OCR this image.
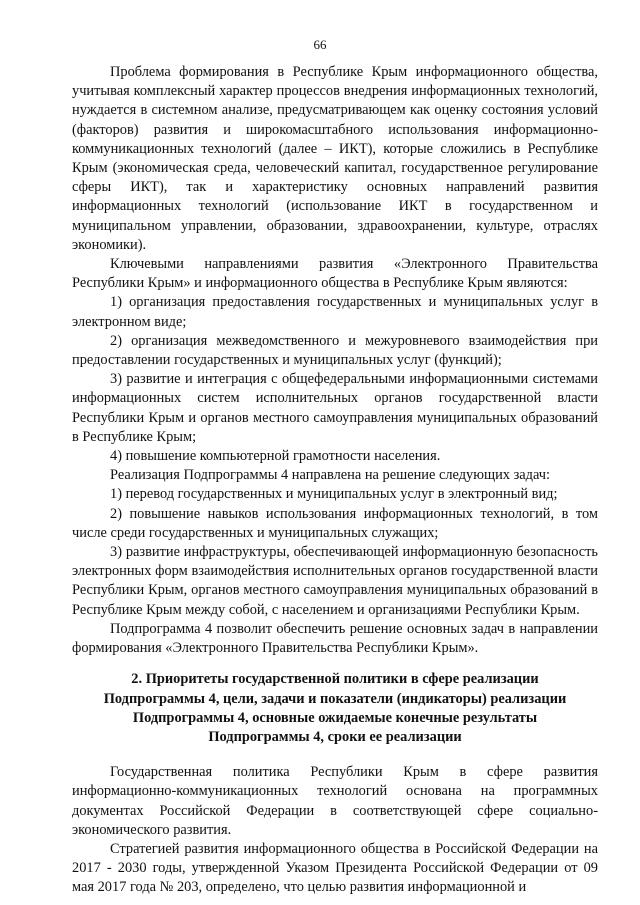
66

Проблема формирования в Республике Крым информационного общества, учитывая комплексный характер процессов внедрения информационных технологий, нуждается в системном анализе, предусматривающем как оценку состояния условий (факторов) развития и широкомасштабного использования информационно-коммуникационных технологий (далее – ИКТ), которые сложились в Республике Крым (экономическая среда, человеческий капитал, государственное регулирование сферы ИКТ), так и характеристику основных направлений развития информационных технологий (использование ИКТ в государственном и муниципальном управлении, образовании, здравоохранении, культуре, отраслях экономики).

Ключевыми направлениями развития «Электронного Правительства Республики Крым» и информационного общества в Республике Крым являются:

1) организация предоставления государственных и муниципальных услуг в электронном виде;

2) организация межведомственного и межуровневого взаимодействия при предоставлении государственных и муниципальных услуг (функций);

3) развитие и интеграция с общефедеральными информационными системами информационных систем исполнительных органов государственной власти Республики Крым и органов местного самоуправления муниципальных образований в Республике Крым;

4) повышение компьютерной грамотности населения.

Реализация Подпрограммы 4 направлена на решение следующих задач:

1) перевод государственных и муниципальных услуг в электронный вид;

2) повышение навыков использования информационных технологий, в том числе среди государственных и муниципальных служащих;

3) развитие инфраструктуры, обеспечивающей информационную безопасность электронных форм взаимодействия исполнительных органов государственной власти Республики Крым, органов местного самоуправления муниципальных образований в Республике Крым между собой, с населением и организациями Республики Крым.

Подпрограмма 4 позволит обеспечить решение основных задач в направлении формирования «Электронного Правительства Республики Крым».

2. Приоритеты государственной политики в сфере реализации Подпрограммы 4, цели, задачи и показатели (индикаторы) реализации Подпрограммы 4, основные ожидаемые конечные результаты Подпрограммы 4, сроки ее реализации

Государственная политика Республики Крым в сфере развития информационно-коммуникационных технологий основана на программных документах Российской Федерации в соответствующей сфере социально-экономического развития.

Стратегией развития информационного общества в Российской Федерации на 2017 - 2030 годы, утвержденной Указом Президента Российской Федерации от 09 мая 2017 года № 203, определено, что целью развития информационной и
